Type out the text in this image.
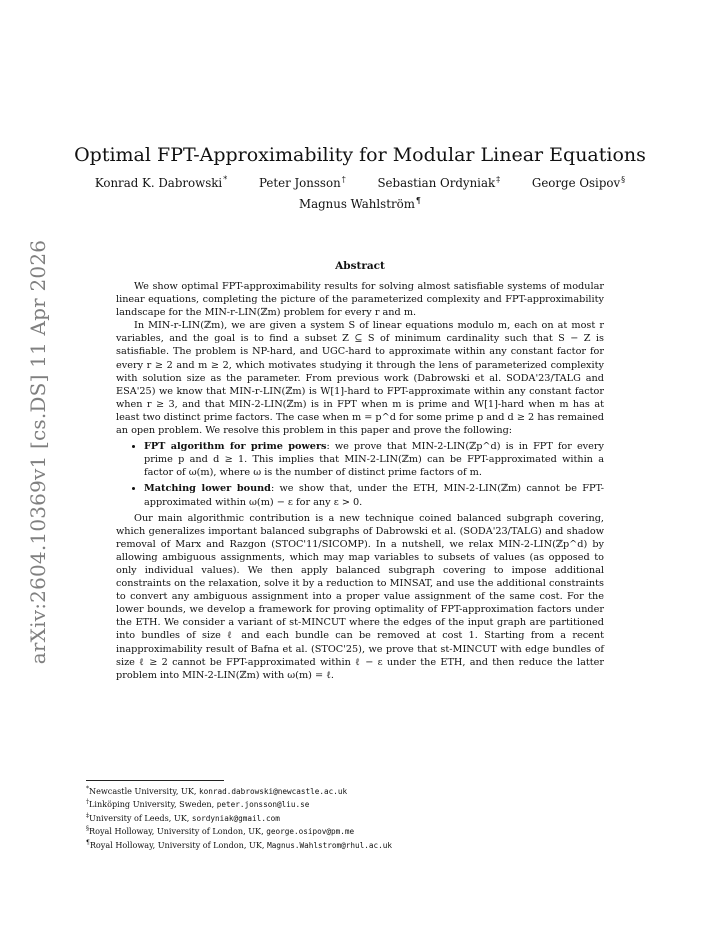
arXiv:2604.10369v1 [cs.DS] 11 Apr 2026
Optimal FPT-Approximability for Modular Linear Equations
Konrad K. Dabrowski*	Peter Jonsson†	Sebastian Ordyniak‡	George Osipov§
Magnus Wahlström¶
Abstract

We show optimal FPT-approximability results for solving almost satisfiable systems of modular linear equations, completing the picture of the parameterized complexity and FPT-approximability landscape for the MIN-r-LIN(ℤm) problem for every r and m.

In MIN-r-LIN(ℤm), we are given a system S of linear equations modulo m, each on at most r variables, and the goal is to find a subset Z ⊆ S of minimum cardinality such that S − Z is satisfiable. The problem is NP-hard, and UGC-hard to approximate within any constant factor for every r ≥ 2 and m ≥ 2, which motivates studying it through the lens of parameterized complexity with solution size as the parameter. From previous work (Dabrowski et al. SODA'23/TALG and ESA'25) we know that MIN-r-LIN(ℤm) is W[1]-hard to FPT-approximate within any constant factor when r ≥ 3, and that MIN-2-LIN(ℤm) is in FPT when m is prime and W[1]-hard when m has at least two distinct prime factors. The case when m = p^d for some prime p and d ≥ 2 has remained an open problem. We resolve this problem in this paper and prove the following:

• FPT algorithm for prime powers: we prove that MIN-2-LIN(ℤp^d) is in FPT for every prime p and d ≥ 1. This implies that MIN-2-LIN(ℤm) can be FPT-approximated within a factor of ω(m), where ω is the number of distinct prime factors of m.
• Matching lower bound: we show that, under the ETH, MIN-2-LIN(ℤm) cannot be FPT-approximated within ω(m) − ε for any ε > 0.

Our main algorithmic contribution is a new technique coined balanced subgraph covering, which generalizes important balanced subgraphs of Dabrowski et al. (SODA'23/TALG) and shadow removal of Marx and Razgon (STOC'11/SICOMP). In a nutshell, we relax MIN-2-LIN(ℤp^d) by allowing ambiguous assignments, which may map variables to subsets of values (as opposed to only individual values). We then apply balanced subgraph covering to impose additional constraints on the relaxation, solve it by a reduction to MINSAT, and use the additional constraints to convert any ambiguous assignment into a proper value assignment of the same cost. For the lower bounds, we develop a framework for proving optimality of FPT-approximation factors under the ETH. We consider a variant of st-MINCUT where the edges of the input graph are partitioned into bundles of size ℓ and each bundle can be removed at cost 1. Starting from a recent inapproximability result of Bafna et al. (STOC'25), we prove that st-MINCUT with edge bundles of size ℓ ≥ 2 cannot be FPT-approximated within ℓ − ε under the ETH, and then reduce the latter problem into MIN-2-LIN(ℤm) with ω(m) = ℓ.

*Newcastle University, UK, konrad.dabrowski@newcastle.ac.uk
†Linköping University, Sweden, peter.jonsson@liu.se
‡University of Leeds, UK, sordyniak@gmail.com
§Royal Holloway, University of London, UK, george.osipov@pm.me
¶Royal Holloway, University of London, UK, Magnus.Wahlstrom@rhul.ac.uk
